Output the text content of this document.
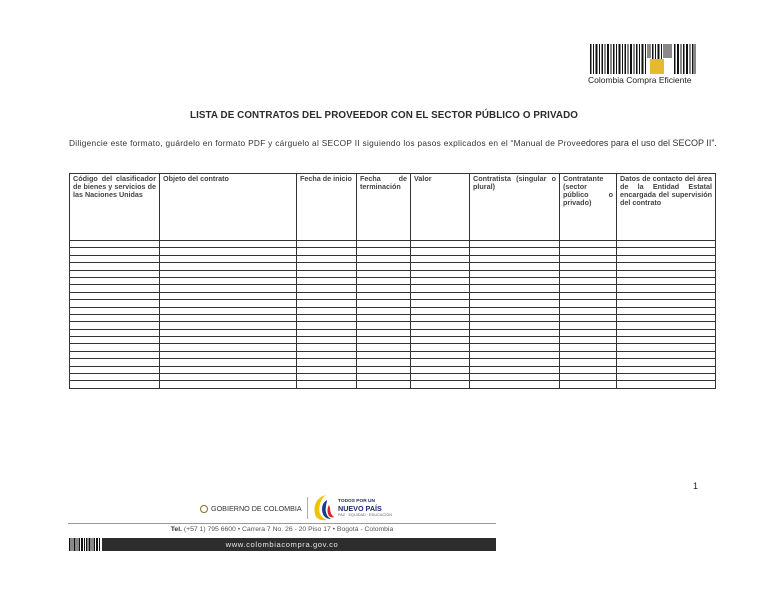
Colombia Compra Eficiente
LISTA DE CONTRATOS DEL PROVEEDOR CON EL SECTOR PÚBLICO O PRIVADO
Diligencie este formato, guárdelo en formato PDF y cárguelo al SECOP II siguiendo los pasos explicados en el “Manual de Proveedores para el uso del SECOP II”.
Código del clasificador de bienes y servicios de las Naciones Unidas	Objeto del contrato	Fecha de inicio	Fecha de terminación	Valor	Contratista (singular o plural)	Contratante (sector público o privado)	Datos de contacto del área de la Entidad Estatal encargada del supervisión del contrato

1
GOBIERNO DE COLOMBIA
TODOS POR UN
NUEVO PAÍS
PAZ · EQUIDAD · EDUCACIÓN
Tel. (+57 1) 795 6600 • Carrera 7 No. 26 - 20 Piso 17 • Bogotá - Colombia
www.colombiacompra.gov.co
